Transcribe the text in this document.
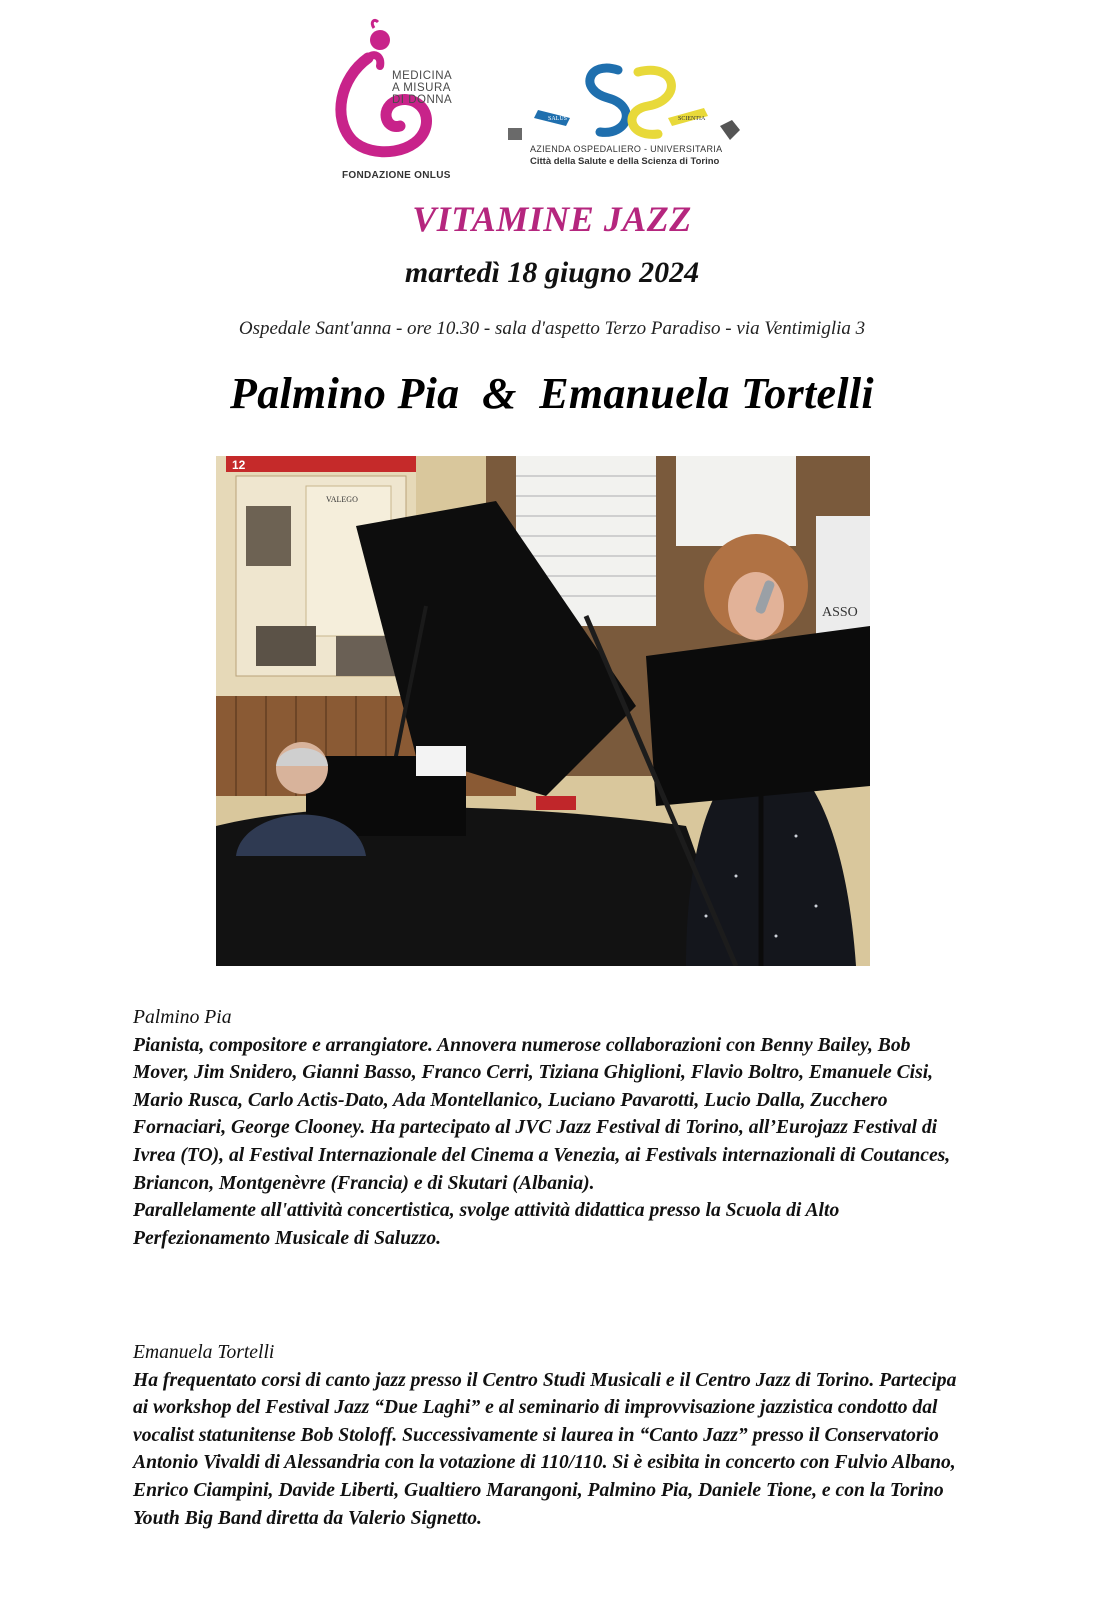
MEDICINA
A MISURA
DI DONNA
FONDAZIONE ONLUS
SALUS	SCIENTIA
AZIENDA OSPEDALIERO - UNIVERSITARIA
Città della Salute e della Scienza di Torino
VITAMINE JAZZ
martedì 18 giugno 2024
Ospedale Sant'anna - ore 10.30 - sala d'aspetto Terzo Paradiso - via Ventimiglia 3
Palmino Pia  &  Emanuela Tortelli
12
VALEGO
ASSO
Palmino Pia

Pianista, compositore e arrangiatore. Annovera numerose collaborazioni con Benny Bailey, Bob Mover, Jim Snidero, Gianni Basso, Franco Cerri, Tiziana Ghiglioni, Flavio Boltro, Emanuele Cisi, Mario Rusca, Carlo Actis-Dato, Ada Montellanico, Luciano Pavarotti, Lucio Dalla, Zucchero Fornaciari, George Clooney. Ha partecipato al JVC Jazz Festival di Torino, all’Eurojazz Festival di Ivrea (TO), al Festival Internazionale del Cinema a Venezia, ai Festivals internazionali di Coutances, Briancon, Montgenèvre (Francia) e di Skutari (Albania).

Parallelamente all'attività concertistica, svolge attività didattica presso la Scuola di Alto Perfezionamento Musicale di Saluzzo.

Emanuela Tortelli

Ha frequentato corsi di canto jazz presso il Centro Studi Musicali e il Centro Jazz di Torino. Partecipa ai workshop del Festival Jazz “Due Laghi” e al seminario di improvvisazione jazzistica condotto dal vocalist statunitense Bob Stoloff. Successivamente si laurea in “Canto Jazz” presso il Conservatorio Antonio Vivaldi di Alessandria con la votazione di 110/110. Si è esibita in concerto con Fulvio Albano, Enrico Ciampini, Davide Liberti, Gualtiero Marangoni, Palmino Pia, Daniele Tione, e con la Torino Youth Big Band diretta da Valerio Signetto.
